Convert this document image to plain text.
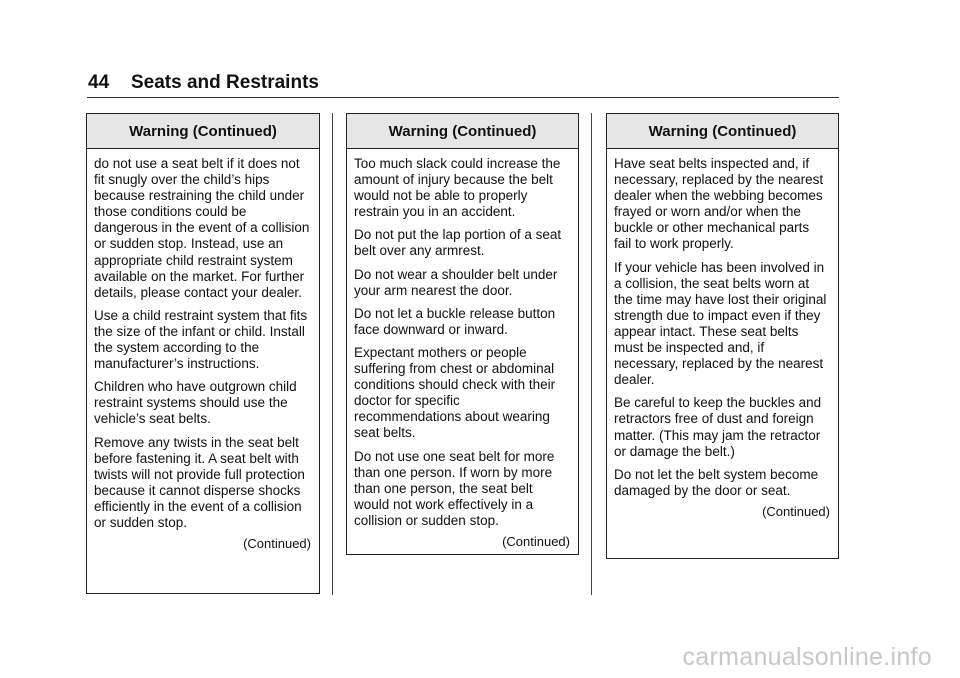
44 Seats and Restraints
Warning (Continued)

do not use a seat belt if it does not fit snugly over the child’s hips because restraining the child under those conditions could be dangerous in the event of a collision or sudden stop. Instead, use an appropriate child restraint system available on the market. For further details, please contact your dealer.

Use a child restraint system that fits the size of the infant or child. Install the system according to the manufacturer’s instructions.

Children who have outgrown child restraint systems should use the vehicle’s seat belts.

Remove any twists in the seat belt before fastening it. A seat belt with twists will not provide full protection because it cannot disperse shocks efficiently in the event of a collision or sudden stop.

(Continued)
Warning (Continued)

Too much slack could increase the amount of injury because the belt would not be able to properly restrain you in an accident.

Do not put the lap portion of a seat belt over any armrest.

Do not wear a shoulder belt under your arm nearest the door.

Do not let a buckle release button face downward or inward.

Expectant mothers or people suffering from chest or abdominal conditions should check with their doctor for specific recommendations about wearing seat belts.

Do not use one seat belt for more than one person. If worn by more than one person, the seat belt would not work effectively in a collision or sudden stop.

(Continued)
Warning (Continued)

Have seat belts inspected and, if necessary, replaced by the nearest dealer when the webbing becomes frayed or worn and/or when the buckle or other mechanical parts fail to work properly.

If your vehicle has been involved in a collision, the seat belts worn at the time may have lost their original strength due to impact even if they appear intact. These seat belts must be inspected and, if necessary, replaced by the nearest dealer.

Be careful to keep the buckles and retractors free of dust and foreign matter. (This may jam the retractor or damage the belt.)

Do not let the belt system become damaged by the door or seat.

(Continued)
carmanualsonline.info
